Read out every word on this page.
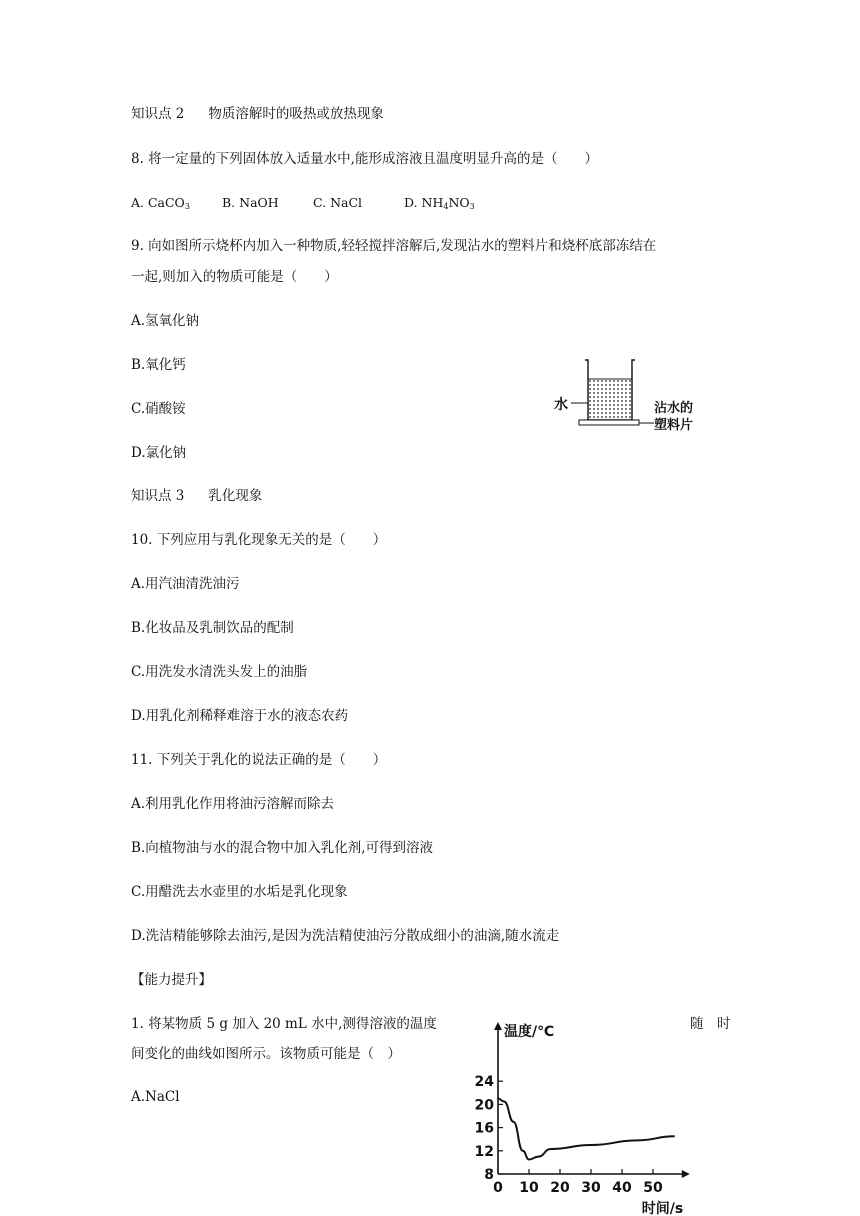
知识点 2 物质溶解时的吸热或放热现象
8. 将一定量的下列固体放入适量水中,能形成溶液且温度明显升高的是（　　）
A. CaCO$_3$	B. NaOH	C. NaCl	D. $NH_4NO_3$
9. 向如图所示烧杯内加入一种物质,轻轻搅拌溶解后,发现沾水的塑料片和烧杯底部冻结在
一起,则加入的物质可能是（　　）
A.氢氧化钠
B.氧化钙
C.硝酸铵
D.氯化钠
水	沾水的
塑料片
知识点 3 乳化现象
10. 下列应用与乳化现象无关的是（　　）
A.用汽油清洗油污
B.化妆品及乳制饮品的配制
C.用洗发水清洗头发上的油脂
D.用乳化剂稀释难溶于水的液态农药
11. 下列关于乳化的说法正确的是（　　）
A.利用乳化作用将油污溶解而除去
B.向植物油与水的混合物中加入乳化剂,可得到溶液
C.用醋洗去水壶里的水垢是乳化现象
D.洗洁精能够除去油污,是因为洗洁精使油污分散成细小的油滴,随水流走
【能力提升】
1. 将某物质 5 g 加入 20 mL 水中,测得溶液的温度	随　时
间变化的曲线如图所示。该物质可能是（　）
A.NaCl
温度/℃
时间/s
8
12
16
20
24
0 10 20 30 40 50
